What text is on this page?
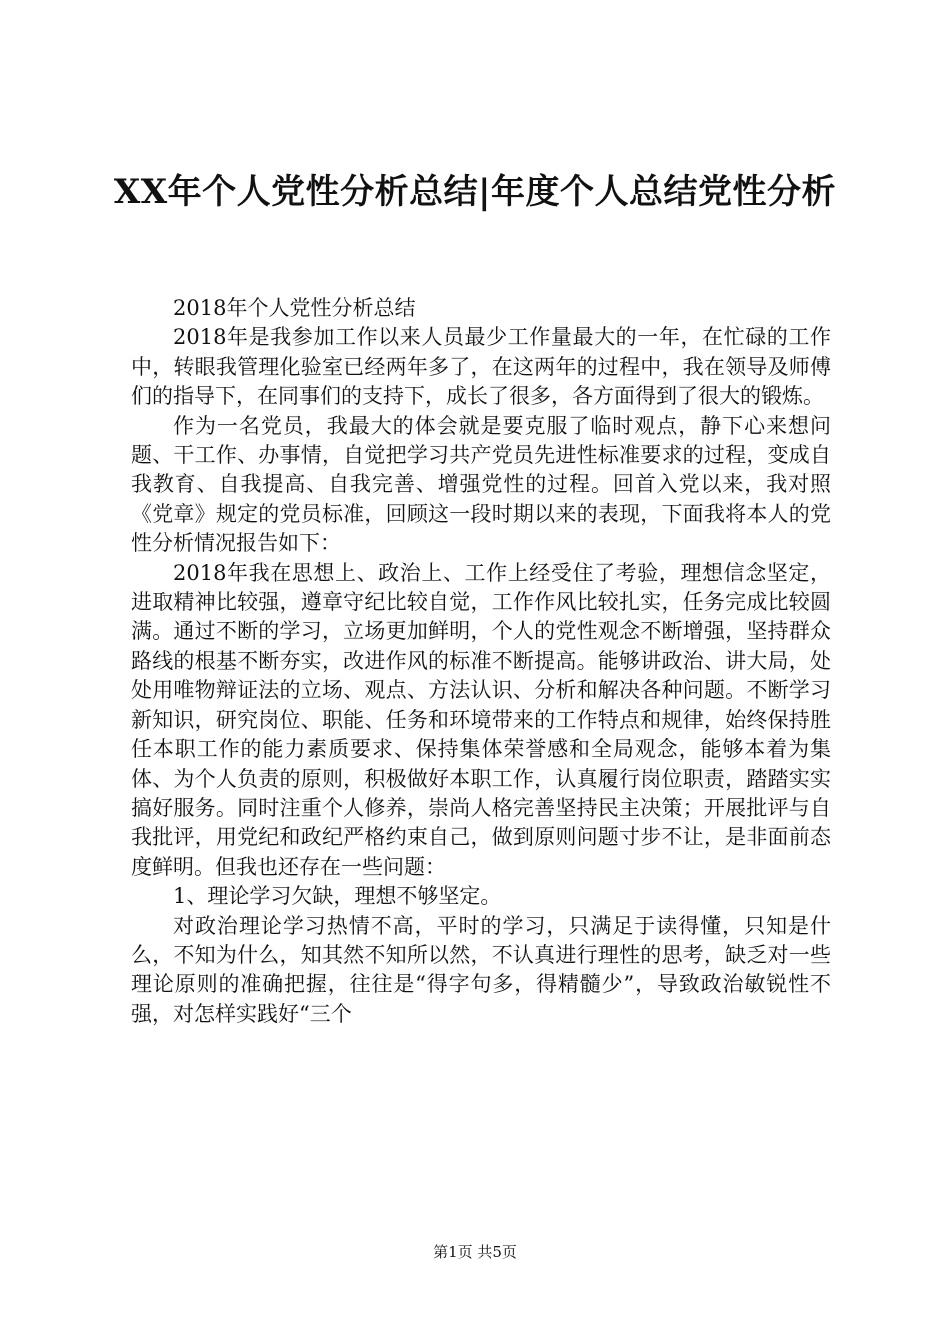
XX年个人党性分析总结|年度个人总结党性分析

2018年个人党性分析总结

2018年是我参加工作以来人员最少工作量最大的一年，在忙碌的工作中，转眼我管理化验室已经两年多了，在这两年的过程中，我在领导及师傅们的指导下，在同事们的支持下，成长了很多，各方面得到了很大的锻炼。

作为一名党员，我最大的体会就是要克服了临时观点，静下心来想问题、干工作、办事情，自觉把学习共产党员先进性标准要求的过程，变成自我教育、自我提高、自我完善、增强党性的过程。回首入党以来，我对照《党章》规定的党员标准，回顾这一段时期以来的表现，下面我将本人的党性分析情况报告如下：

2018年我在思想上、政治上、工作上经受住了考验，理想信念坚定，进取精神比较强，遵章守纪比较自觉，工作作风比较扎实，任务完成比较圆满。通过不断的学习，立场更加鲜明，个人的党性观念不断增强，坚持群众路线的根基不断夯实，改进作风的标准不断提高。能够讲政治、讲大局，处处用唯物辩证法的立场、观点、方法认识、分析和解决各种问题。不断学习新知识，研究岗位、职能、任务和环境带来的工作特点和规律，始终保持胜任本职工作的能力素质要求、保持集体荣誉感和全局观念，能够本着为集体、为个人负责的原则，积极做好本职工作，认真履行岗位职责，踏踏实实搞好服务。同时注重个人修养，崇尚人格完善坚持民主决策；开展批评与自我批评，用党纪和政纪严格约束自己，做到原则问题寸步不让，是非面前态度鲜明。但我也还存在一些问题：

1、理论学习欠缺，理想不够坚定。

对政治理论学习热情不高，平时的学习，只满足于读得懂，只知是什么，不知为什么，知其然不知所以然，不认真进行理性的思考，缺乏对一些理论原则的准确把握，往往是“得字句多，得精髓少”，导致政治敏锐性不强，对怎样实践好“三个

第1页 共5页
